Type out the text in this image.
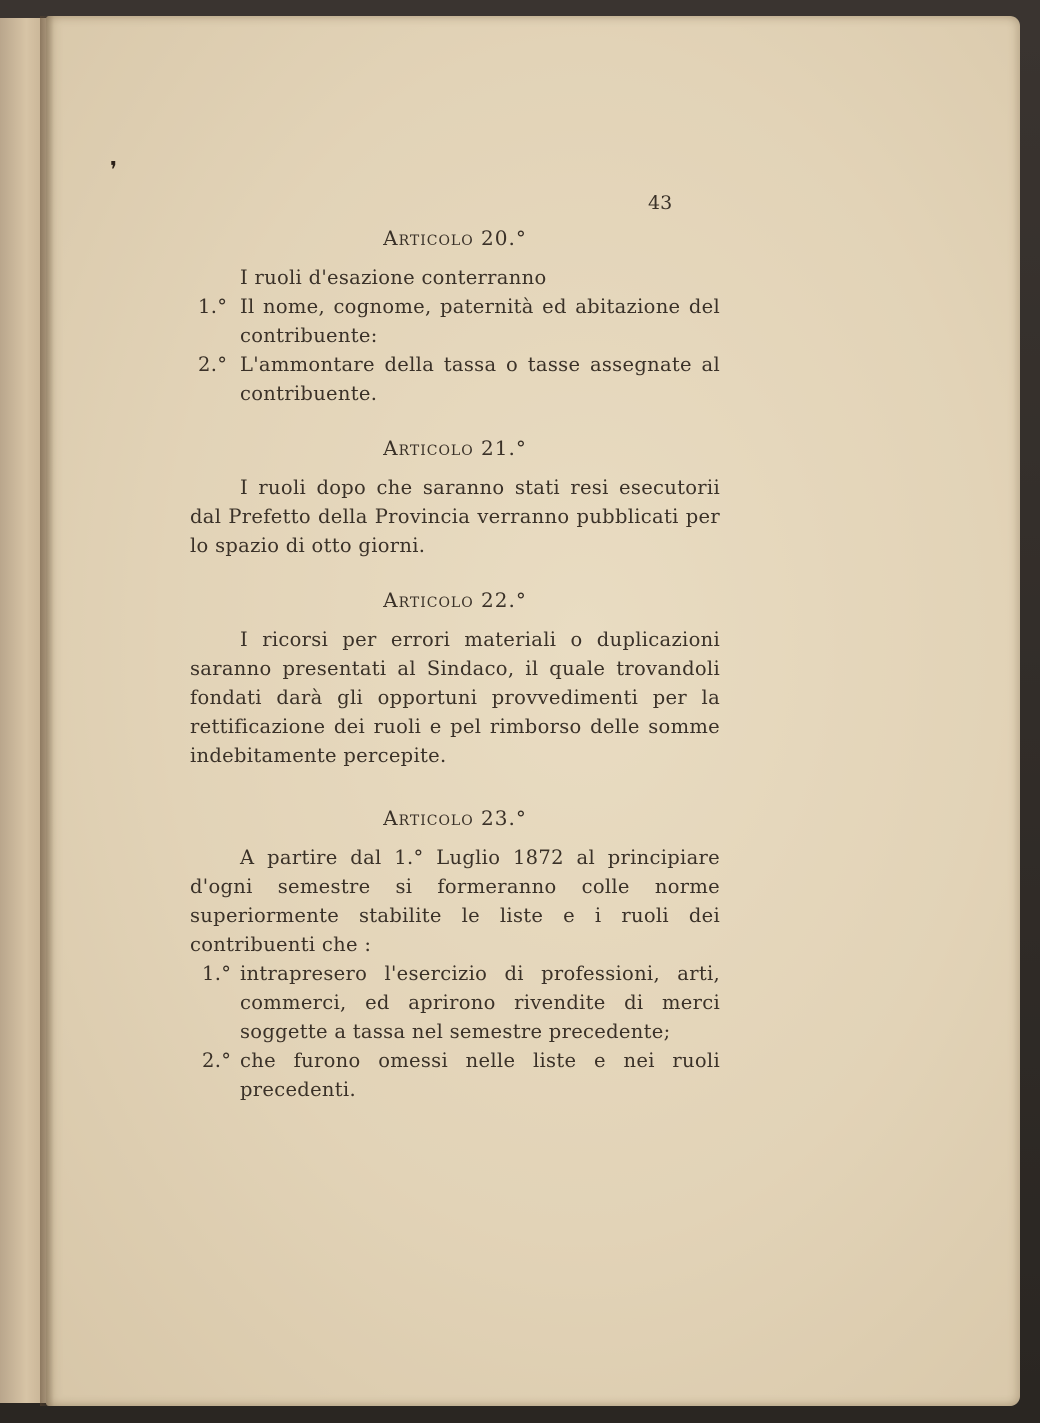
❜
43

Articolo 20.°

I ruoli d'esazione conterranno

1.° Il nome, cognome, paternità ed abitazione del contribuente:

2.° L'ammontare della tassa o tasse assegnate al contribuente.

Articolo 21.°

I ruoli dopo che saranno stati resi esecutorii dal Prefetto della Provincia verranno pubblicati per lo spazio di otto giorni.

Articolo 22.°

I ricorsi per errori materiali o duplicazioni saranno presentati al Sindaco, il quale trovandoli fondati darà gli opportuni provvedimenti per la rettificazione dei ruoli e pel rimborso delle somme indebitamente percepite.

Articolo 23.°

A partire dal 1.° Luglio 1872 al principiare d'ogni semestre si formeranno colle norme superiormente stabilite le liste e i ruoli dei contribuenti che :

1.° intrapresero l'esercizio di professioni, arti, commerci, ed aprirono rivendite di merci soggette a tassa nel semestre precedente;

2.° che furono omessi nelle liste e nei ruoli precedenti.
